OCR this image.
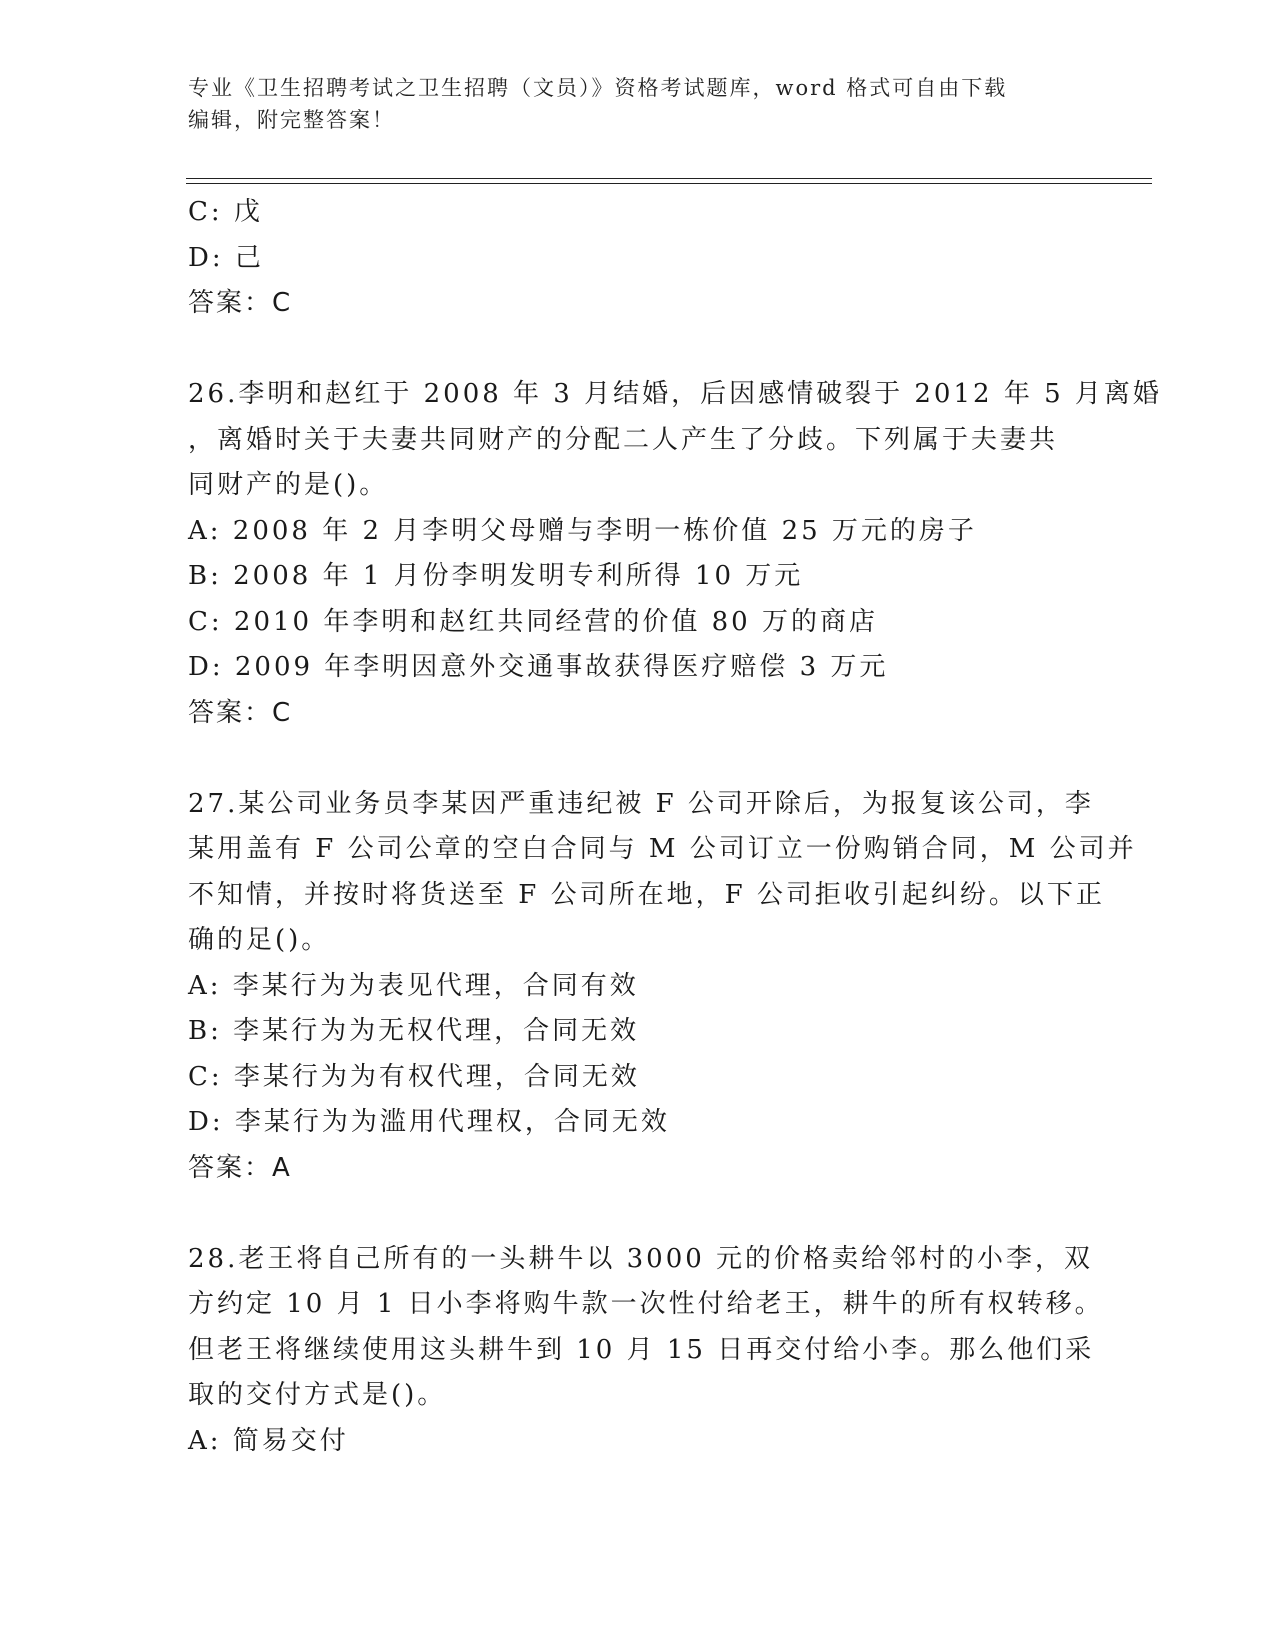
专业《卫生招聘考试之卫生招聘（文员）》资格考试题库，word 格式可自由下载
编辑，附完整答案！
C: 戊
D: 己
答案：C
26.李明和赵红于 2008 年 3 月结婚，后因感情破裂于 2012 年 5 月离婚
，离婚时关于夫妻共同财产的分配二人产生了分歧。下列属于夫妻共
同财产的是()。
A: 2008 年 2 月李明父母赠与李明一栋价值 25 万元的房子
B: 2008 年 1 月份李明发明专利所得 10 万元
C: 2010 年李明和赵红共同经营的价值 80 万的商店
D: 2009 年李明因意外交通事故获得医疗赔偿 3 万元
答案：C
27.某公司业务员李某因严重违纪被 F 公司开除后，为报复该公司，李
某用盖有 F 公司公章的空白合同与 M 公司订立一份购销合同，M 公司并
不知情，并按时将货送至 F 公司所在地，F 公司拒收引起纠纷。以下正
确的足()。
A: 李某行为为表见代理，合同有效
B: 李某行为为无权代理，合同无效
C: 李某行为为有权代理，合同无效
D: 李某行为为滥用代理权，合同无效
答案：A
28.老王将自己所有的一头耕牛以 3000 元的价格卖给邻村的小李，双
方约定 10 月 1 日小李将购牛款一次性付给老王，耕牛的所有权转移。
但老王将继续使用这头耕牛到 10 月 15 日再交付给小李。那么他们采
取的交付方式是()。
A: 简易交付
